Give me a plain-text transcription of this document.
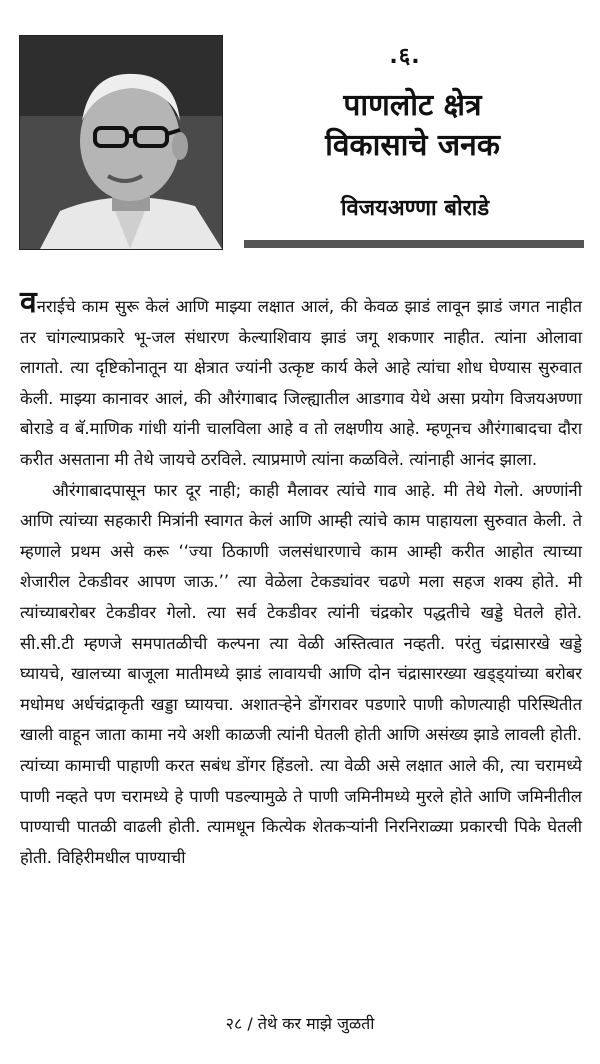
.६.
पाणलोट क्षेत्र
विकासाचे जनक
विजयअण्णा बोराडे

वनराईचे काम सुरू केलं आणि माझ्या लक्षात आलं, की केवळ झाडं लावून झाडं जगत नाहीत तर चांगल्याप्रकारे भू-जल संधारण केल्याशिवाय झाडं जगू शकणार नाहीत. त्यांना ओलावा लागतो. त्या दृष्टिकोनातून या क्षेत्रात ज्यांनी उत्कृष्ट कार्य केले आहे त्यांचा शोध घेण्यास सुरुवात केली. माझ्या कानावर आलं, की औरंगाबाद जिल्ह्यातील आडगाव येथे असा प्रयोग विजयअण्णा बोराडे व बॅ.माणिक गांधी यांनी चालविला आहे व तो लक्षणीय आहे. म्हणूनच औरंगाबादचा दौरा करीत असताना मी तेथे जायचे ठरविले. त्याप्रमाणे त्यांना कळविले. त्यांनाही आनंद झाला.

औरंगाबादपासून फार दूर नाही; काही मैलावर त्यांचे गाव आहे. मी तेथे गेलो. अण्णांनी आणि त्यांच्या सहकारी मित्रांनी स्वागत केलं आणि आम्ही त्यांचे काम पाहायला सुरुवात केली. ते म्हणाले प्रथम असे करू ‘‘ज्या ठिकाणी जलसंधारणाचे काम आम्ही करीत आहोत त्याच्या शेजारील टेकडीवर आपण जाऊ.’’ त्या वेळेला टेकड्यांवर चढणे मला सहज शक्य होते. मी त्यांच्याबरोबर टेकडीवर गेलो. त्या सर्व टेकडीवर त्यांनी चंद्रकोर पद्धतीचे खड्डे घेतले होते. सी.सी.टी म्हणजे समपातळीची कल्पना त्या वेळी अस्तित्वात नव्हती. परंतु चंद्रासारखे खड्डे घ्यायचे, खालच्या बाजूला मातीमध्ये झाडं लावायची आणि दोन चंद्रासारख्या खड्ड्यांच्या बरोबर मधोमध अर्धचंद्राकृती खड्डा घ्यायचा. अशातऱ्हेने डोंगरावर पडणारे पाणी कोणत्याही परिस्थितीत खाली वाहून जाता कामा नये अशी काळजी त्यांनी घेतली होती आणि असंख्य झाडे लावली होती. त्यांच्या कामाची पाहाणी करत सबंध डोंगर हिंडलो. त्या वेळी असे लक्षात आले की, त्या चरामध्ये पाणी नव्हते पण चरामध्ये हे पाणी पडल्यामुळे ते पाणी जमिनीमध्ये मुरले होते आणि जमिनीतील पाण्याची पातळी वाढली होती. त्यामधून कित्येक शेतकऱ्यांनी निरनिराळ्या प्रकारची पिके घेतली होती. विहिरीमधील पाण्याची

२८ / तेथे कर माझे जुळती
